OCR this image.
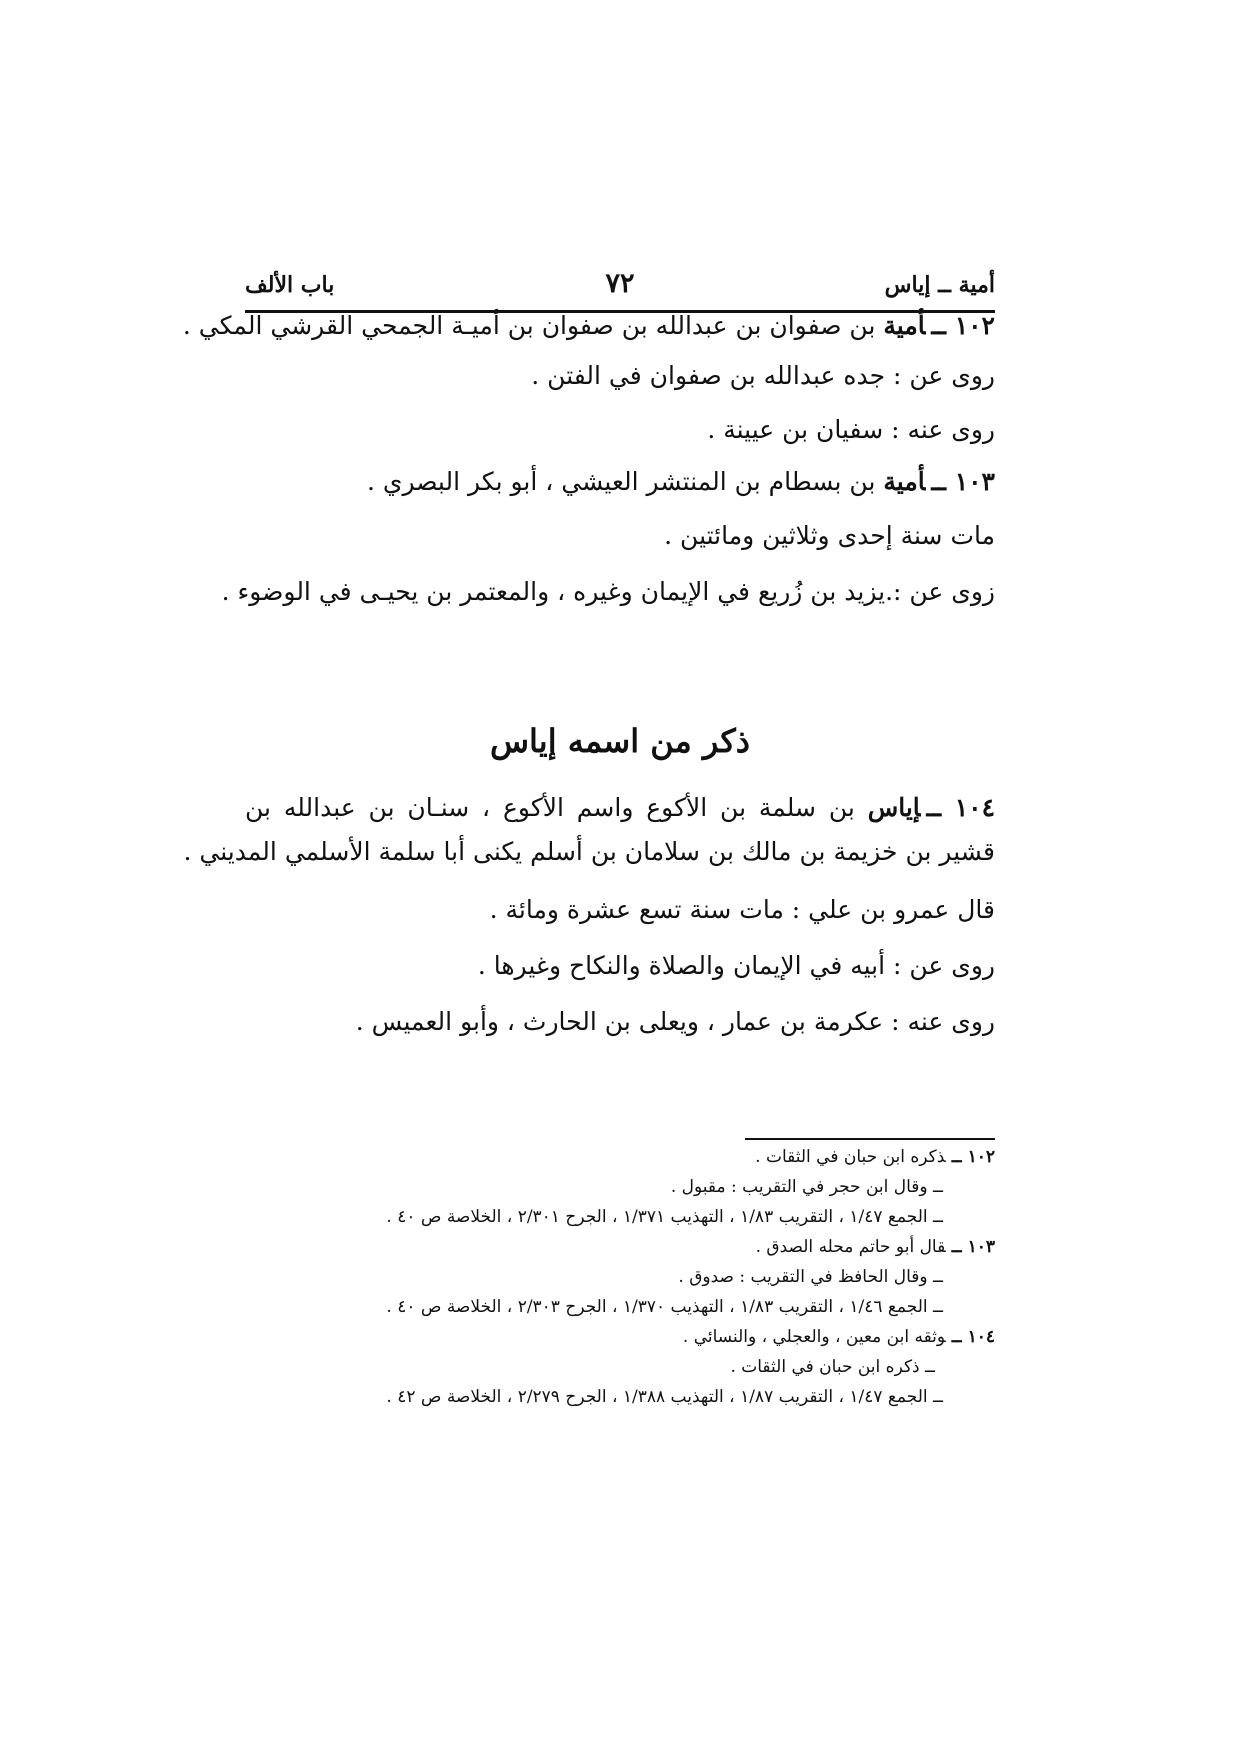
أمية ــ إياس
٧٢
باب الألف
١٠٢ ــأمية بن صفوان بن عبدالله بن صفوان بن أميـة الجمحي القرشي المكي .
روى عن : جده عبدالله بن صفوان في الفتن .
روى عنه : سفيان بن عيينة .
١٠٣ ــأمية بن بسطام بن المنتشر العيشي ، أبو بكر البصري .
مات سنة إحدى وثلاثين ومائتين .
زوى عن :.يزيد بن زُريع في الإيمان وغيره ، والمعتمر بن يحيـى في الوضوء .
ذكر من اسمه إياس
١٠٤ ــإياس بن سلمة بن الأكوع واسم الأكوع ، سنـان بن عبدالله بن
قشير بن خزيمة بن مالك بن سلامان بن أسلم يكنى أبا سلمة الأسلمي المديني .
قال عمرو بن علي : مات سنة تسع عشرة ومائة .
روى عن : أبيه في الإيمان والصلاة والنكاح وغيرها .
روى عنه : عكرمة بن عمار ، ويعلى بن الحارث ، وأبو العميس .
١٠٢ ــذكره ابن حبان في الثقات .
ــ وقال ابن حجر في التقريب : مقبول .
ــ الجمع ١/٤٧ ، التقريب ١/٨٣ ، التهذيب ١/٣٧١ ، الجرح ٢/٣٠١ ، الخلاصة ص ٤٠ .
١٠٣ ــقال أبو حاتم محله الصدق .
ــ وقال الحافظ في التقريب : صدوق .
ــ الجمع ١/٤٦ ، التقريب ١/٨٣ ، التهذيب ١/٣٧٠ ، الجرح ٢/٣٠٣ ، الخلاصة ص ٤٠ .
١٠٤ ــوثقه ابن معين ، والعجلي ، والنسائي .
ــ ذكره ابن حبان في الثقات .
ــ الجمع ١/٤٧ ، التقريب ١/٨٧ ، التهذيب ١/٣٨٨ ، الجرح ٢/٢٧٩ ، الخلاصة ص ٤٢ .
